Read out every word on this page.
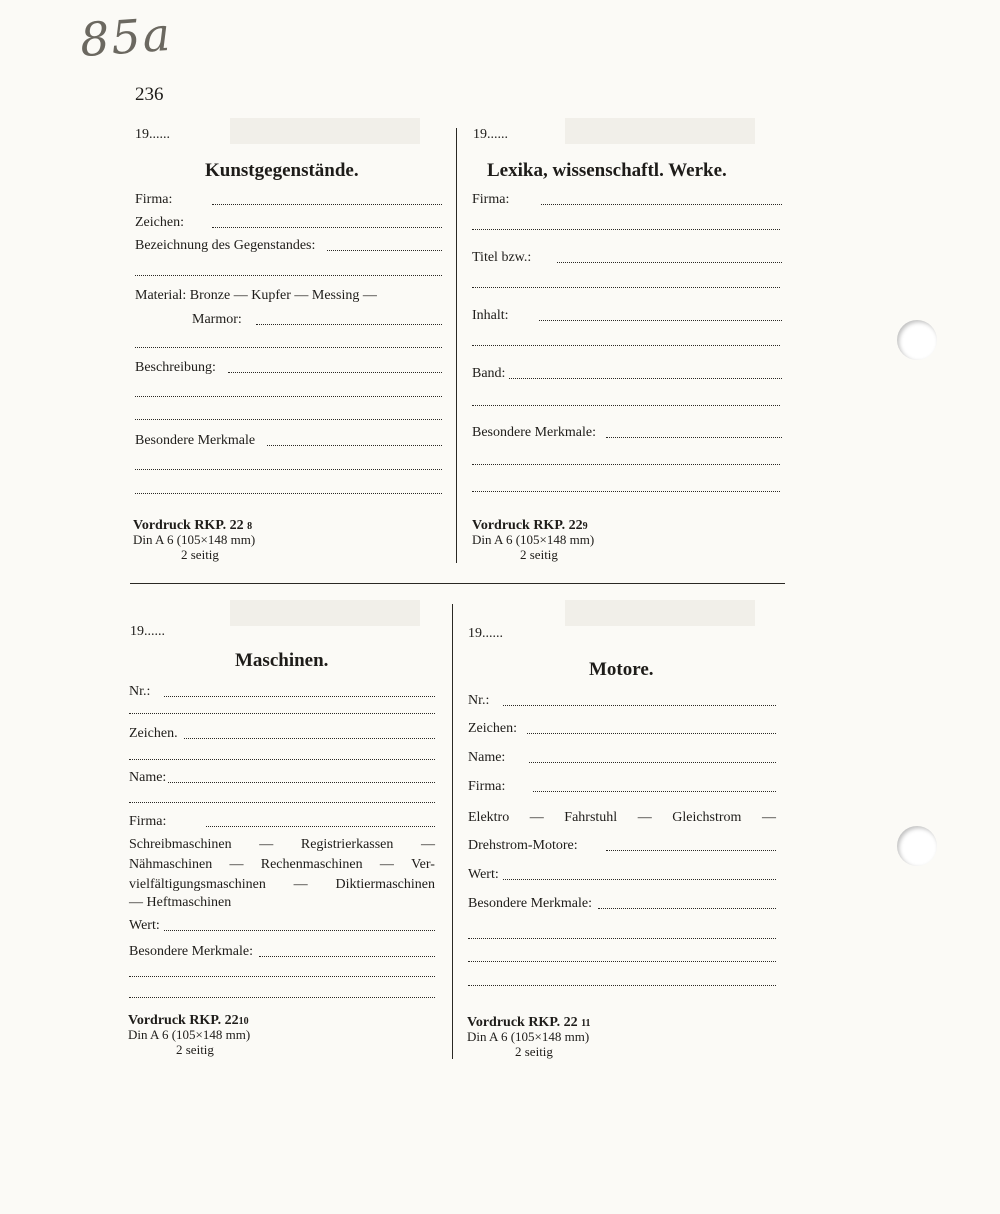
85a
236
19......
Kunstgegenstände.
Firma:
Zeichen:
Bezeichnung des Gegenstandes:
Material: Bronze — Kupfer — Messing —
Marmor:
Beschreibung:
Besondere Merkmale
Vordruck RKP. 22 8
Din A 6 (105×148 mm)
2 seitig
19......
Lexika, wissenschaftl. Werke.
Firma:
Titel bzw.:
Inhalt:
Band:
Besondere Merkmale:
Vordruck RKP. 229
Din A 6 (105×148 mm)
2 seitig
19......
Maschinen.
Nr.:
Zeichen.
Name:
Firma:
Schreibmaschinen — Registrierkassen —
Nähmaschinen — Rechenmaschinen — Ver-
vielfältigungsmaschinen — Diktiermaschinen
— Heftmaschinen
Wert:
Besondere Merkmale:
Vordruck RKP. 2210
Din A 6 (105×148 mm)
2 seitig
19......
Motore.
Nr.:
Zeichen:
Name:
Firma:
Elektro — Fahrstuhl — Gleichstrom —
Drehstrom-Motore:
Wert:
Besondere Merkmale:
Vordruck RKP. 22 11
Din A 6 (105×148 mm)
2 seitig
